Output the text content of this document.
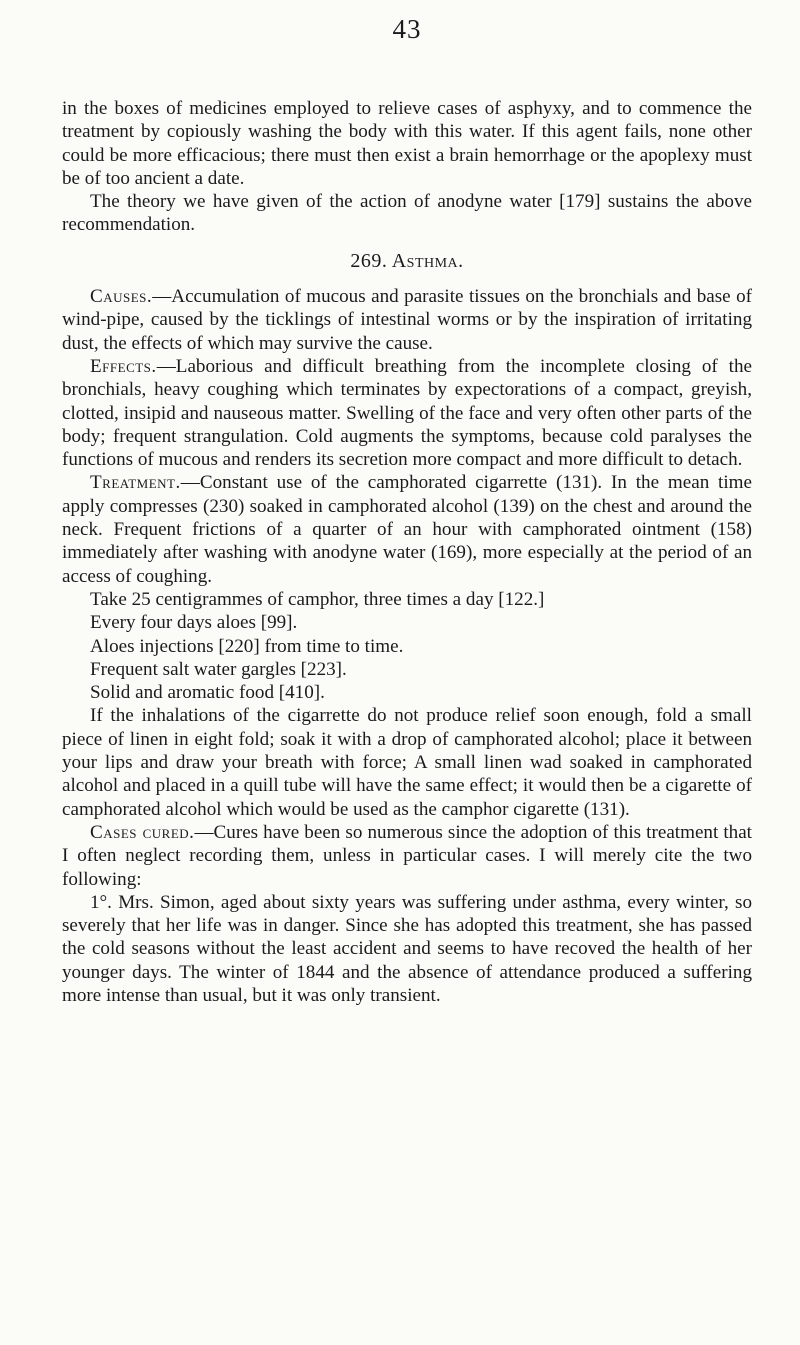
43

in the boxes of medicines employed to relieve cases of asphyxy, and to commence the treatment by copiously washing the body with this water. If this agent fails, none other could be more efficacious; there must then exist a brain hemorrhage or the apoplexy must be of too ancient a date.

The theory we have given of the action of anodyne water [179] sustains the above recommendation.

269. Asthma.

Causes.—Accumulation of mucous and parasite tissues on the bronchials and base of wind-pipe, caused by the ticklings of intestinal worms or by the inspiration of irritating dust, the effects of which may survive the cause.

Effects.—Laborious and difficult breathing from the incomplete closing of the bronchials, heavy coughing which terminates by expectorations of a compact, greyish, clotted, insipid and nauseous matter. Swelling of the face and very often other parts of the body; frequent strangulation. Cold augments the symptoms, because cold paralyses the functions of mucous and renders its secretion more compact and more difficult to detach.

Treatment.—Constant use of the camphorated cigarrette (131). In the mean time apply compresses (230) soaked in camphorated alcohol (139) on the chest and around the neck. Frequent frictions of a quarter of an hour with camphorated ointment (158) immediately after washing with anodyne water (169), more especially at the period of an access of coughing.

Take 25 centigrammes of camphor, three times a day [122.]

Every four days aloes [99].

Aloes injections [220] from time to time.

Frequent salt water gargles [223].

Solid and aromatic food [410].

If the inhalations of the cigarrette do not produce relief soon enough, fold a small piece of linen in eight fold; soak it with a drop of camphorated alcohol; place it between your lips and draw your breath with force; A small linen wad soaked in camphorated alcohol and placed in a quill tube will have the same effect; it would then be a cigarette of camphorated alcohol which would be used as the camphor cigarette (131).

Cases cured.—Cures have been so numerous since the adoption of this treatment that I often neglect recording them, unless in particular cases. I will merely cite the two following:

1°. Mrs. Simon, aged about sixty years was suffering under asthma, every winter, so severely that her life was in danger. Since she has adopted this treatment, she has passed the cold seasons without the least accident and seems to have recoved the health of her younger days. The winter of 1844 and the absence of attendance produced a suffering more intense than usual, but it was only transient.
